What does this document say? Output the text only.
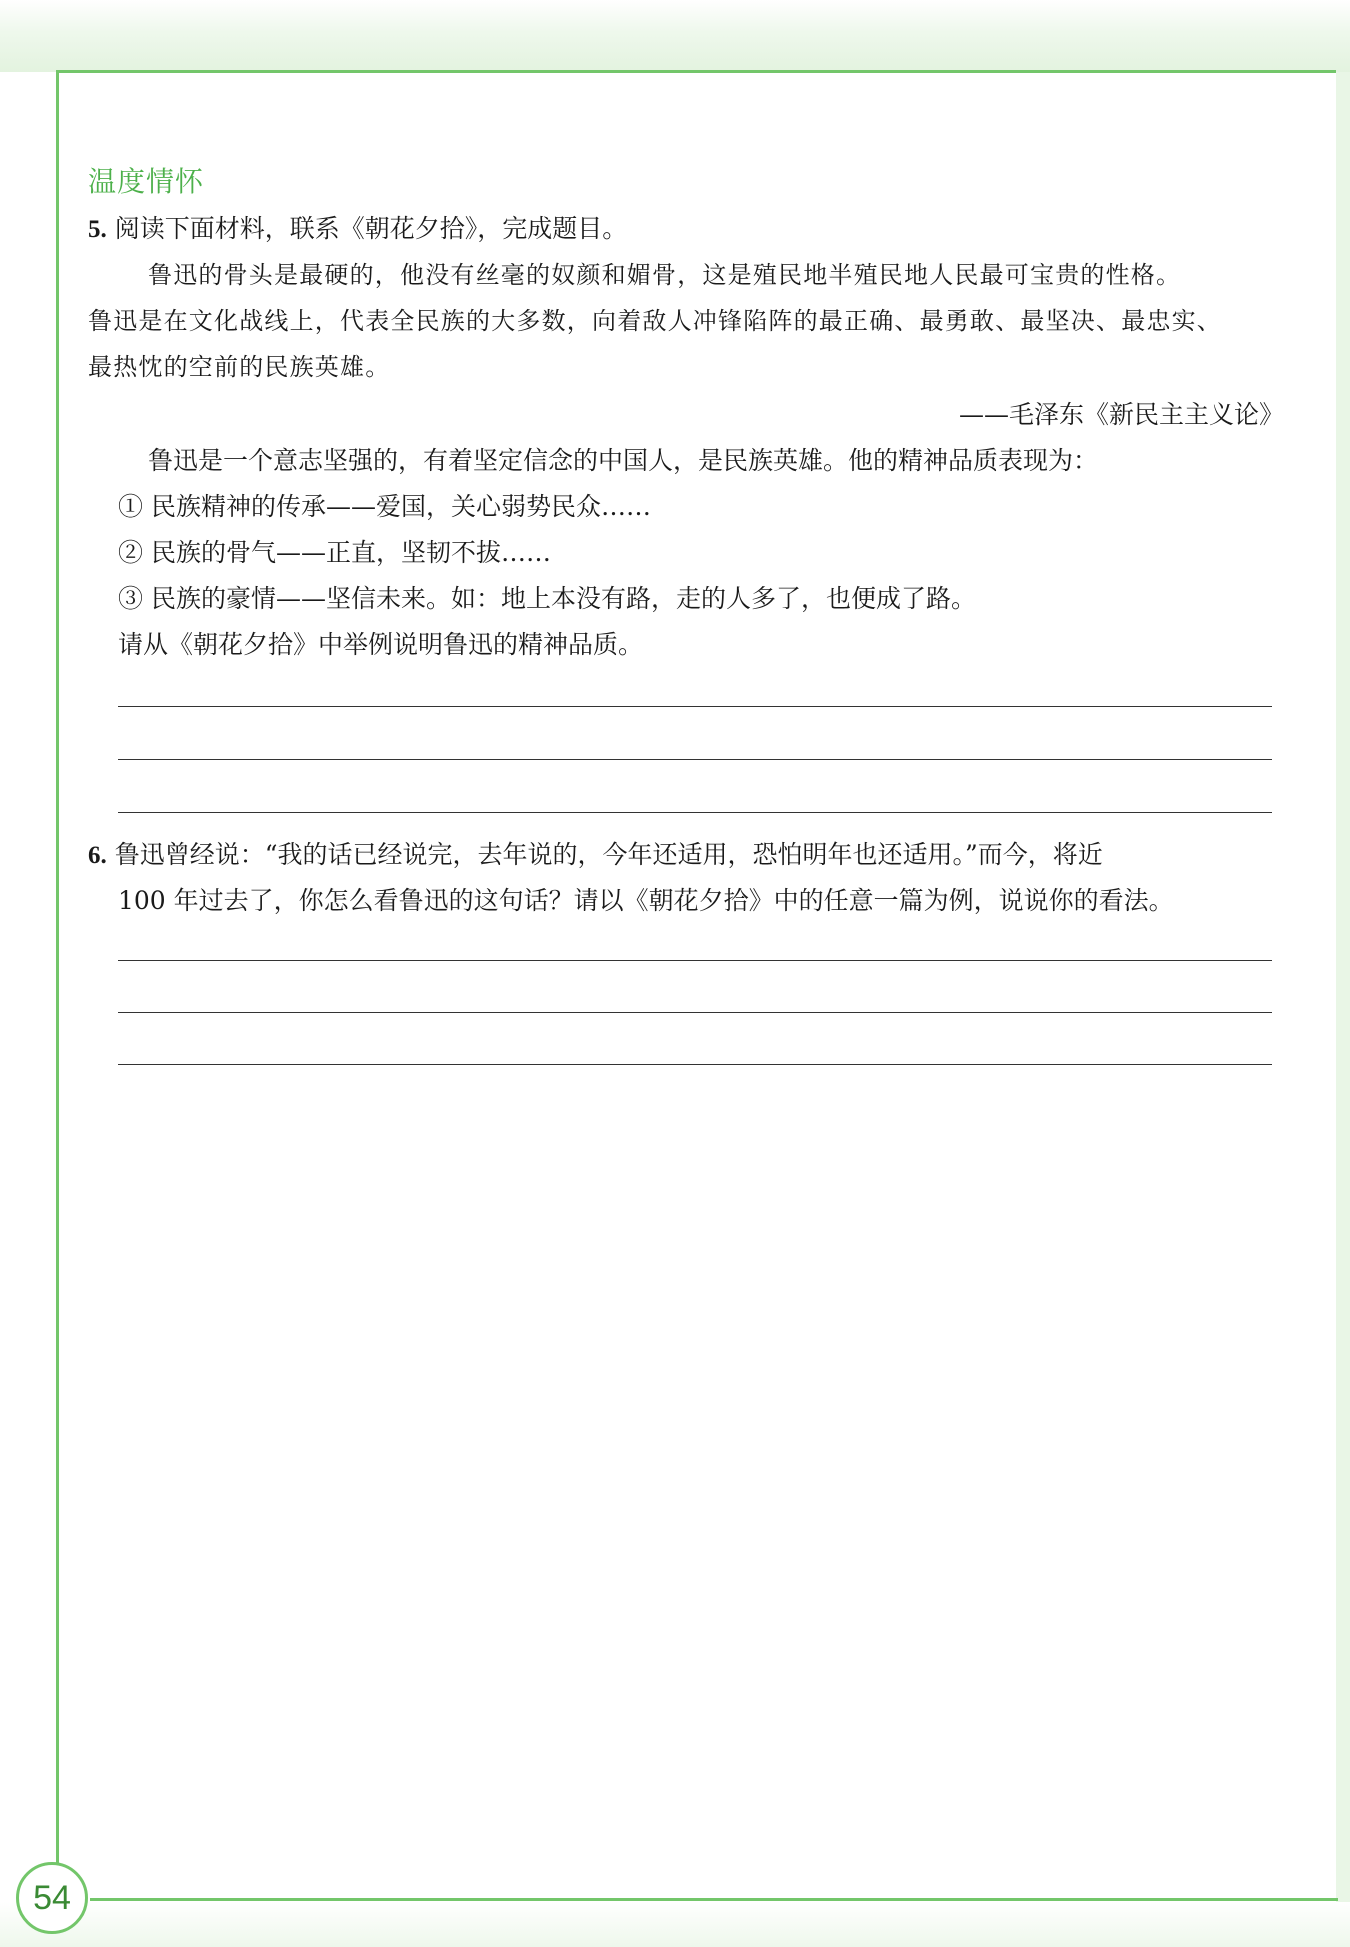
54
温度情怀
5. 阅读下面材料，联系《朝花夕拾》，完成题目。
鲁迅的骨头是最硬的，他没有丝毫的奴颜和媚骨，这是殖民地半殖民地人民最可宝贵的性格。
鲁迅是在文化战线上，代表全民族的大多数，向着敌人冲锋陷阵的最正确、最勇敢、最坚决、最忠实、
最热忱的空前的民族英雄。
——毛泽东《新民主主义论》
鲁迅是一个意志坚强的，有着坚定信念的中国人，是民族英雄。他的精神品质表现为：
① 民族精神的传承——爱国，关心弱势民众……
② 民族的骨气——正直，坚韧不拔……
③ 民族的豪情——坚信未来。如：地上本没有路，走的人多了，也便成了路。
请从《朝花夕拾》中举例说明鲁迅的精神品质。
6. 鲁迅曾经说：“我的话已经说完，去年说的，今年还适用，恐怕明年也还适用。”而今，将近
100 年过去了，你怎么看鲁迅的这句话？请以《朝花夕拾》中的任意一篇为例，说说你的看法。
